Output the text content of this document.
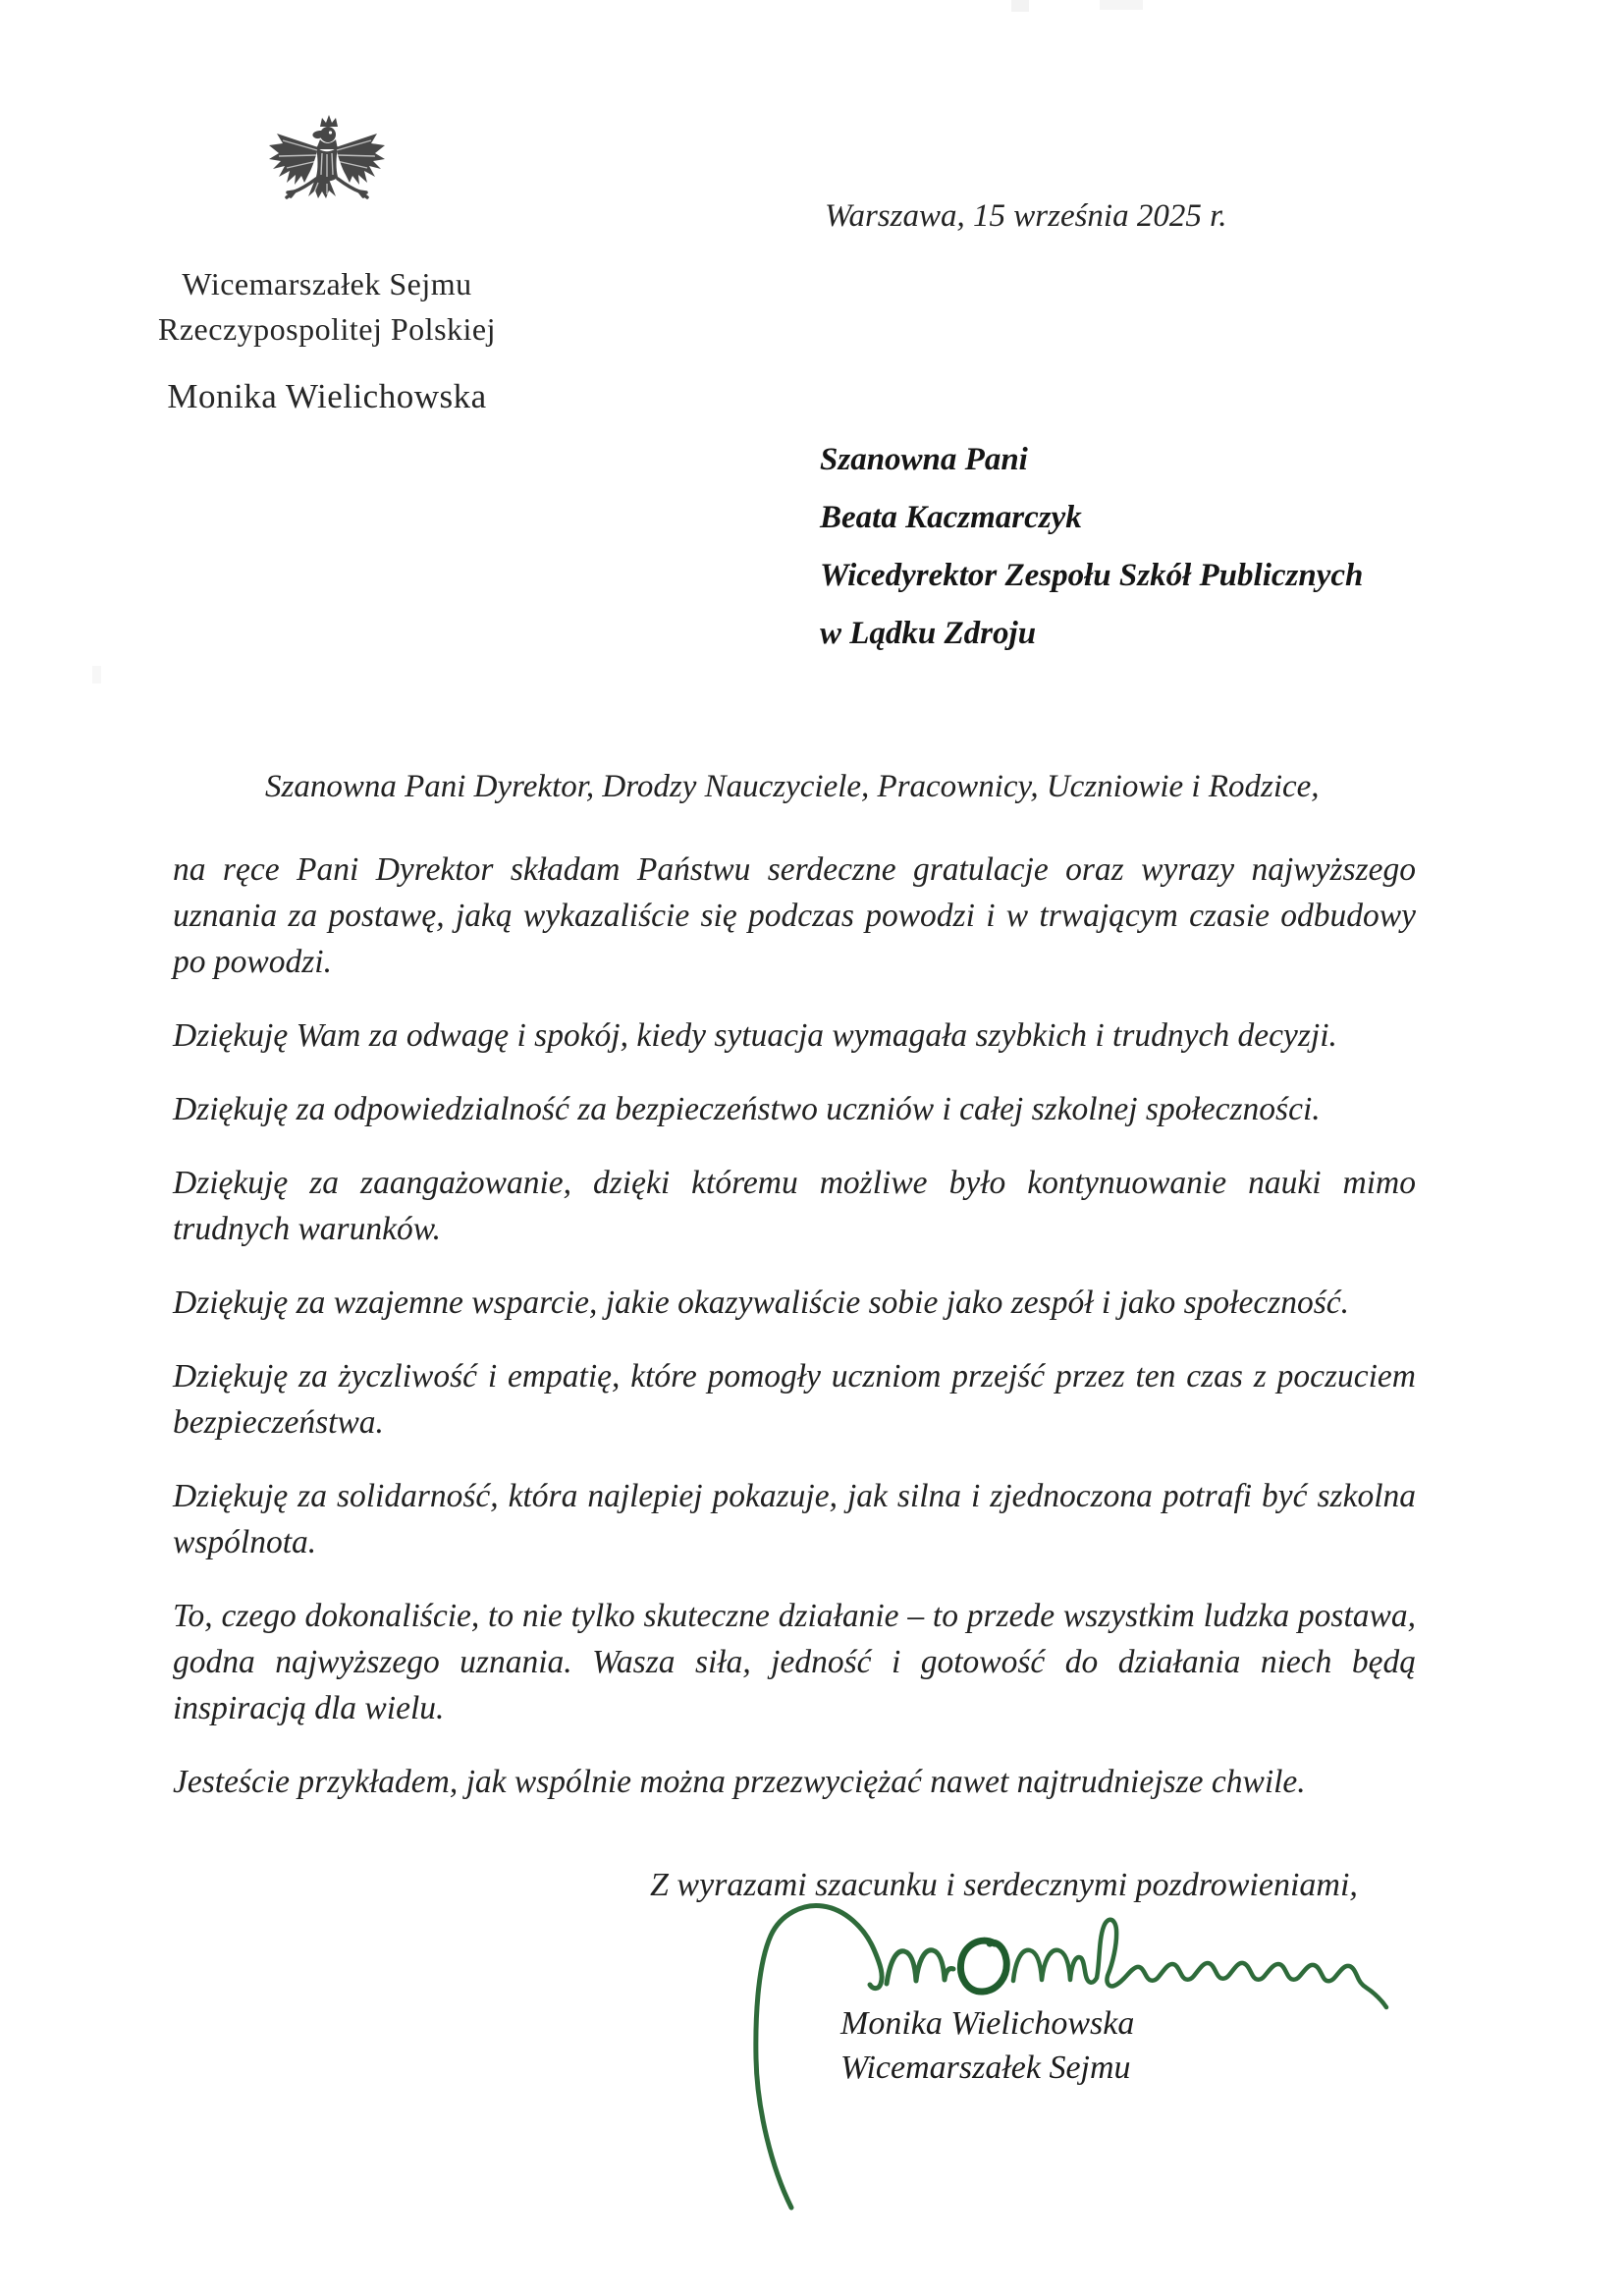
Wicemarszałek Sejmu
Rzeczypospolitej Polskiej
Monika Wielichowska
Warszawa, 15 września 2025 r.
Szanowna Pani
Beata Kaczmarczyk
Wicedyrektor Zespołu Szkół Publicznych
w Lądku Zdroju
Szanowna Pani Dyrektor, Drodzy Nauczyciele, Pracownicy, Uczniowie i Rodzice,

na ręce Pani Dyrektor składam Państwu serdeczne gratulacje oraz wyrazy najwyższego uznania za postawę, jaką wykazaliście się podczas powodzi i w trwającym czasie odbudowy po powodzi.

Dziękuję Wam za odwagę i spokój, kiedy sytuacja wymagała szybkich i trudnych decyzji.

Dziękuję za odpowiedzialność za bezpieczeństwo uczniów i całej szkolnej społeczności.

Dziękuję za zaangażowanie, dzięki któremu możliwe było kontynuowanie nauki mimo trudnych warunków.

Dziękuję za wzajemne wsparcie, jakie okazywaliście sobie jako zespół i jako społeczność.

Dziękuję za życzliwość i empatię, które pomogły uczniom przejść przez ten czas z poczuciem bezpieczeństwa.

Dziękuję za solidarność, która najlepiej pokazuje, jak silna i zjednoczona potrafi być szkolna wspólnota.

To, czego dokonaliście, to nie tylko skuteczne działanie – to przede wszystkim ludzka postawa, godna najwyższego uznania. Wasza siła, jedność i gotowość do działania niech będą inspiracją dla wielu.

Jesteście przykładem, jak wspólnie można przezwyciężać nawet najtrudniejsze chwile.

Z wyrazami szacunku i serdecznymi pozdrowieniami,
Monika Wielichowska
Wicemarszałek Sejmu
